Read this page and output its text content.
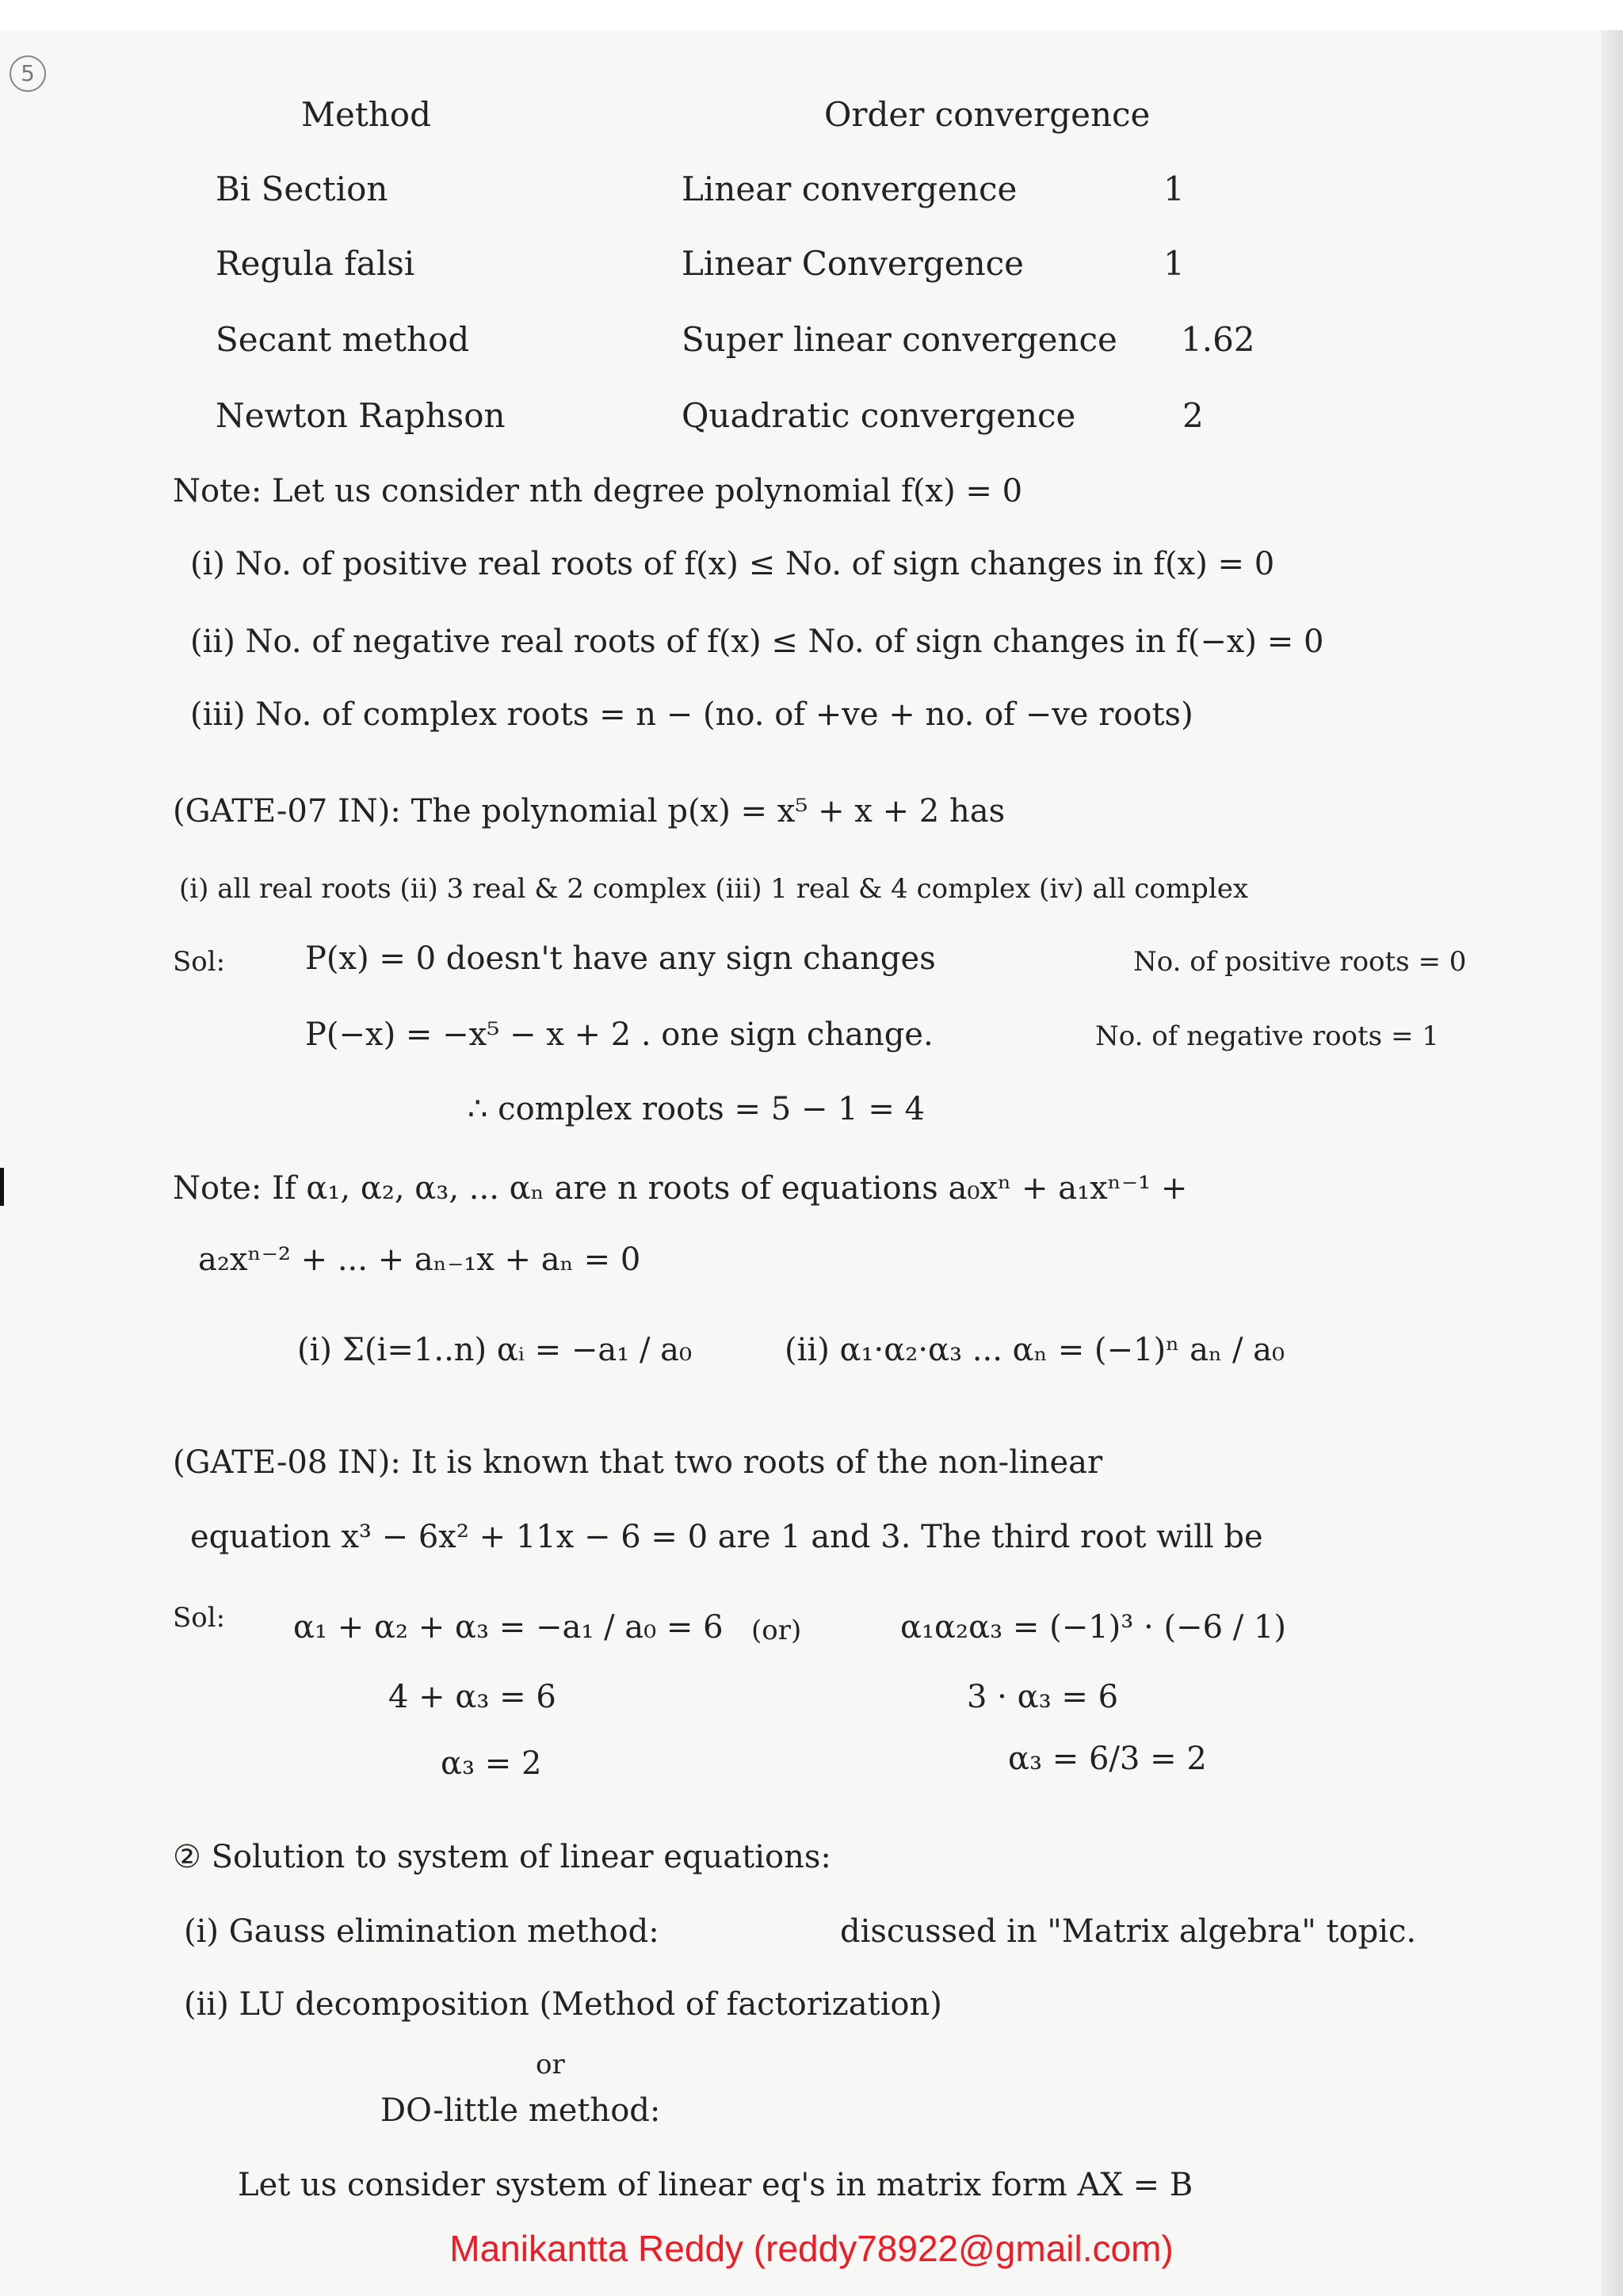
5
Method	Order convergence
Bi Section	Linear convergence	1
Regula falsi	Linear Convergence	1
Secant method	Super linear convergence 1.62
Newton Raphson	Quadratic convergence	2
Note: Let us consider nth degree polynomial f(x) = 0
(i) No. of positive real roots of f(x) ≤ No. of sign changes in f(x) = 0
(ii) No. of negative real roots of f(x) ≤ No. of sign changes in f(−x) = 0
(iii) No. of complex roots = n − (no. of +ve + no. of −ve roots)
(GATE-07 IN): The polynomial p(x) = x⁵ + x + 2 has
(i) all real roots (ii) 3 real & 2 complex (iii) 1 real & 4 complex (iv) all complex
Sol:	P(x) = 0 doesn't have any sign changes	No. of positive roots = 0
P(−x) = −x⁵ − x + 2 . one sign change.	No. of negative roots = 1
∴ complex roots = 5 − 1 = 4
Note: If α₁, α₂, α₃, ... αₙ are n roots of equations a₀xⁿ + a₁xⁿ⁻¹ +
a₂xⁿ⁻² + ... + aₙ₋₁x + aₙ = 0
(i) Σ(i=1..n) αᵢ = −a₁ / a₀	(ii) α₁·α₂·α₃ ... αₙ = (−1)ⁿ aₙ / a₀
(GATE-08 IN): It is known that two roots of the non-linear
equation x³ − 6x² + 11x − 6 = 0 are 1 and 3. The third root will be
Sol: α₁ + α₂ + α₃ = −a₁ / a₀ = 6
4 + α₃ = 6
α₃ = 2
(or)	α₁α₂α₃ = (−1)³ · (−6 / 1)
3 · α₃ = 6
α₃ = 6/3 = 2
② Solution to system of linear equations:
(i) Gauss elimination method:	discussed in "Matrix algebra" topic.
(ii) LU decomposition (Method of factorization)
or
DO-little method:
Let us consider system of linear eq's in matrix form AX = B
Manikantta Reddy (reddy78922@gmail.com)
